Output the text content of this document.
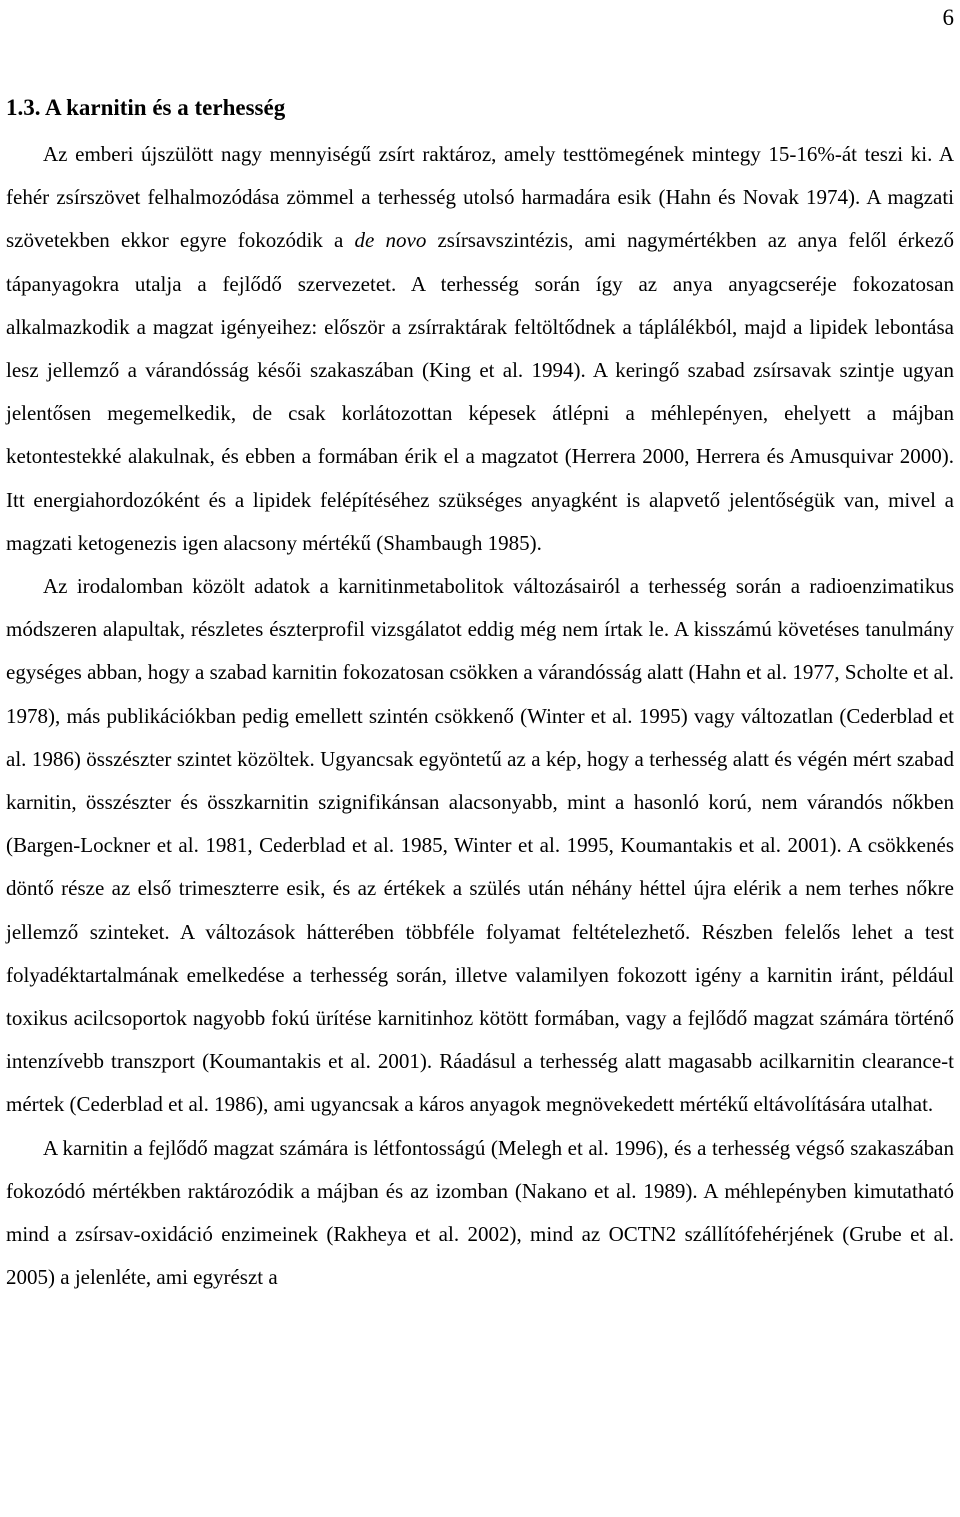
6
1.3. A karnitin és a terhesség

Az emberi újszülött nagy mennyiségű zsírt raktároz, amely testtömegének mintegy 15-16%-át teszi ki. A fehér zsírszövet felhalmozódása zömmel a terhesség utolsó harmadára esik (Hahn és Novak 1974). A magzati szövetekben ekkor egyre fokozódik a de novo zsírsavszintézis, ami nagymértékben az anya felől érkező tápanyagokra utalja a fejlődő szervezetet. A terhesség során így az anya anyagcseréje fokozatosan alkalmazkodik a magzat igényeihez: először a zsírraktárak feltöltődnek a táplálékból, majd a lipidek lebontása lesz jellemző a várandósság késői szakaszában (King et al. 1994). A keringő szabad zsírsavak szintje ugyan jelentősen megemelkedik, de csak korlátozottan képesek átlépni a méhlepényen, ehelyett a májban ketontestekké alakulnak, és ebben a formában érik el a magzatot (Herrera 2000, Herrera és Amusquivar 2000). Itt energiahordozóként és a lipidek felépítéséhez szükséges anyagként is alapvető jelentőségük van, mivel a magzati ketogenezis igen alacsony mértékű (Shambaugh 1985).

Az irodalomban közölt adatok a karnitinmetabolitok változásairól a terhesség során a radioenzimatikus módszeren alapultak, részletes észterprofil vizsgálatot eddig még nem írtak le. A kisszámú követéses tanulmány egységes abban, hogy a szabad karnitin fokozatosan csökken a várandósság alatt (Hahn et al. 1977, Scholte et al. 1978), más publikációkban pedig emellett szintén csökkenő (Winter et al. 1995) vagy változatlan (Cederblad et al. 1986) összészter szintet közöltek. Ugyancsak egyöntetű az a kép, hogy a terhesség alatt és végén mért szabad karnitin, összészter és összkarnitin szignifikánsan alacsonyabb, mint a hasonló korú, nem várandós nőkben (Bargen-Lockner et al. 1981, Cederblad et al. 1985, Winter et al. 1995, Koumantakis et al. 2001). A csökkenés döntő része az első trimeszterre esik, és az értékek a szülés után néhány héttel újra elérik a nem terhes nőkre jellemző szinteket. A változások hátterében többféle folyamat feltételezhető. Részben felelős lehet a test folyadéktartalmának emelkedése a terhesség során, illetve valamilyen fokozott igény a karnitin iránt, például toxikus acilcsoportok nagyobb fokú ürítése karnitinhoz kötött formában, vagy a fejlődő magzat számára történő intenzívebb transzport (Koumantakis et al. 2001). Ráadásul a terhesség alatt magasabb acilkarnitin clearance-t mértek (Cederblad et al. 1986), ami ugyancsak a káros anyagok megnövekedett mértékű eltávolítására utalhat.

A karnitin a fejlődő magzat számára is létfontosságú (Melegh et al. 1996), és a terhesség végső szakaszában fokozódó mértékben raktározódik a májban és az izomban (Nakano et al. 1989). A méhlepényben kimutatható mind a zsírsav-oxidáció enzimeinek (Rakheya et al. 2002), mind az OCTN2 szállítófehérjének (Grube et al. 2005) a jelenléte, ami egyrészt a
